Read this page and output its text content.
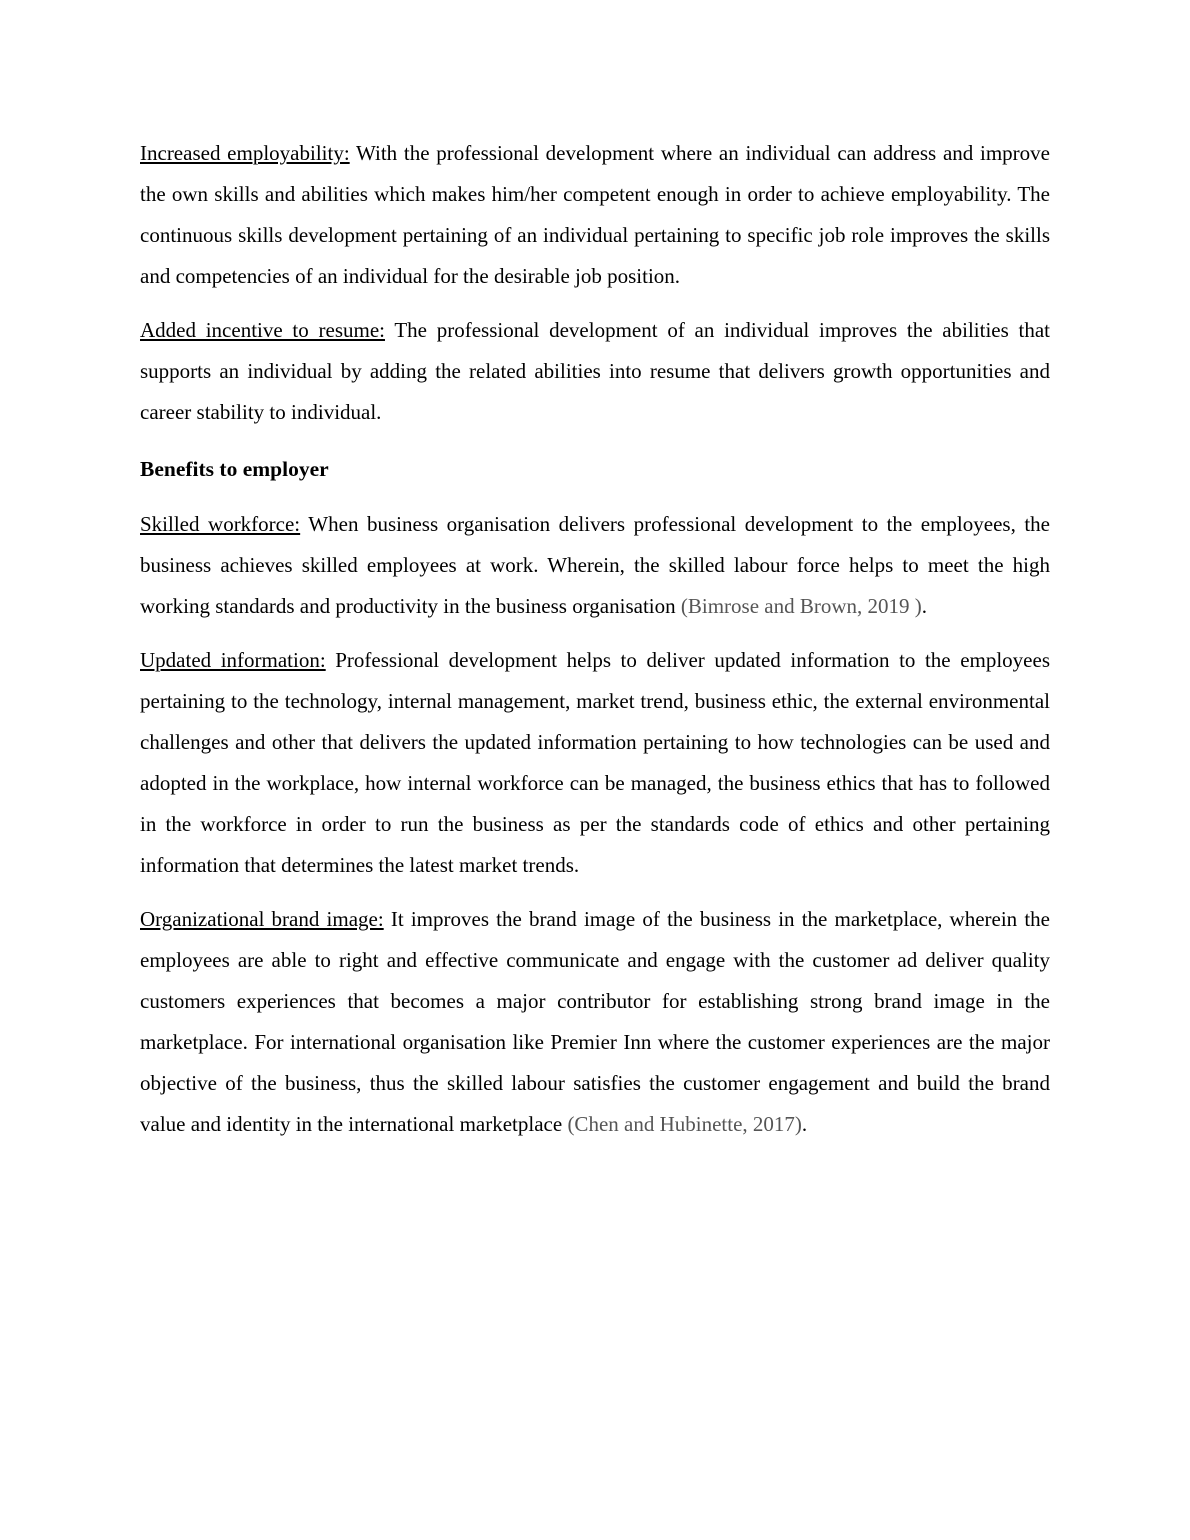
Increased employability: With the professional development where an individual can address and improve the own skills and abilities which makes him/her competent enough in order to achieve employability. The continuous skills development pertaining of an individual pertaining to specific job role improves the skills and competencies of an individual for the desirable job position.

Added incentive to resume: The professional development of an individual improves the abilities that supports an individual by adding the related abilities into resume that delivers growth opportunities and career stability to individual.

Benefits to employer

Skilled workforce: When business organisation delivers professional development to the employees, the business achieves skilled employees at work. Wherein, the skilled labour force helps to meet the high working standards and productivity in the business organisation (Bimrose and Brown, 2019 ).

Updated information: Professional development helps to deliver updated information to the employees pertaining to the technology, internal management, market trend, business ethic, the external environmental challenges and other that delivers the updated information pertaining to how technologies can be used and adopted in the workplace, how internal workforce can be managed, the business ethics that has to followed in the workforce in order to run the business as per the standards code of ethics and other pertaining information that determines the latest market trends.

Organizational brand image: It improves the brand image of the business in the marketplace, wherein the employees are able to right and effective communicate and engage with the customer ad deliver quality customers experiences that becomes a major contributor for establishing strong brand image in the marketplace. For international organisation like Premier Inn where the customer experiences are the major objective of the business, thus the skilled labour satisfies the customer engagement and build the brand value and identity in the international marketplace (Chen and Hubinette, 2017).
